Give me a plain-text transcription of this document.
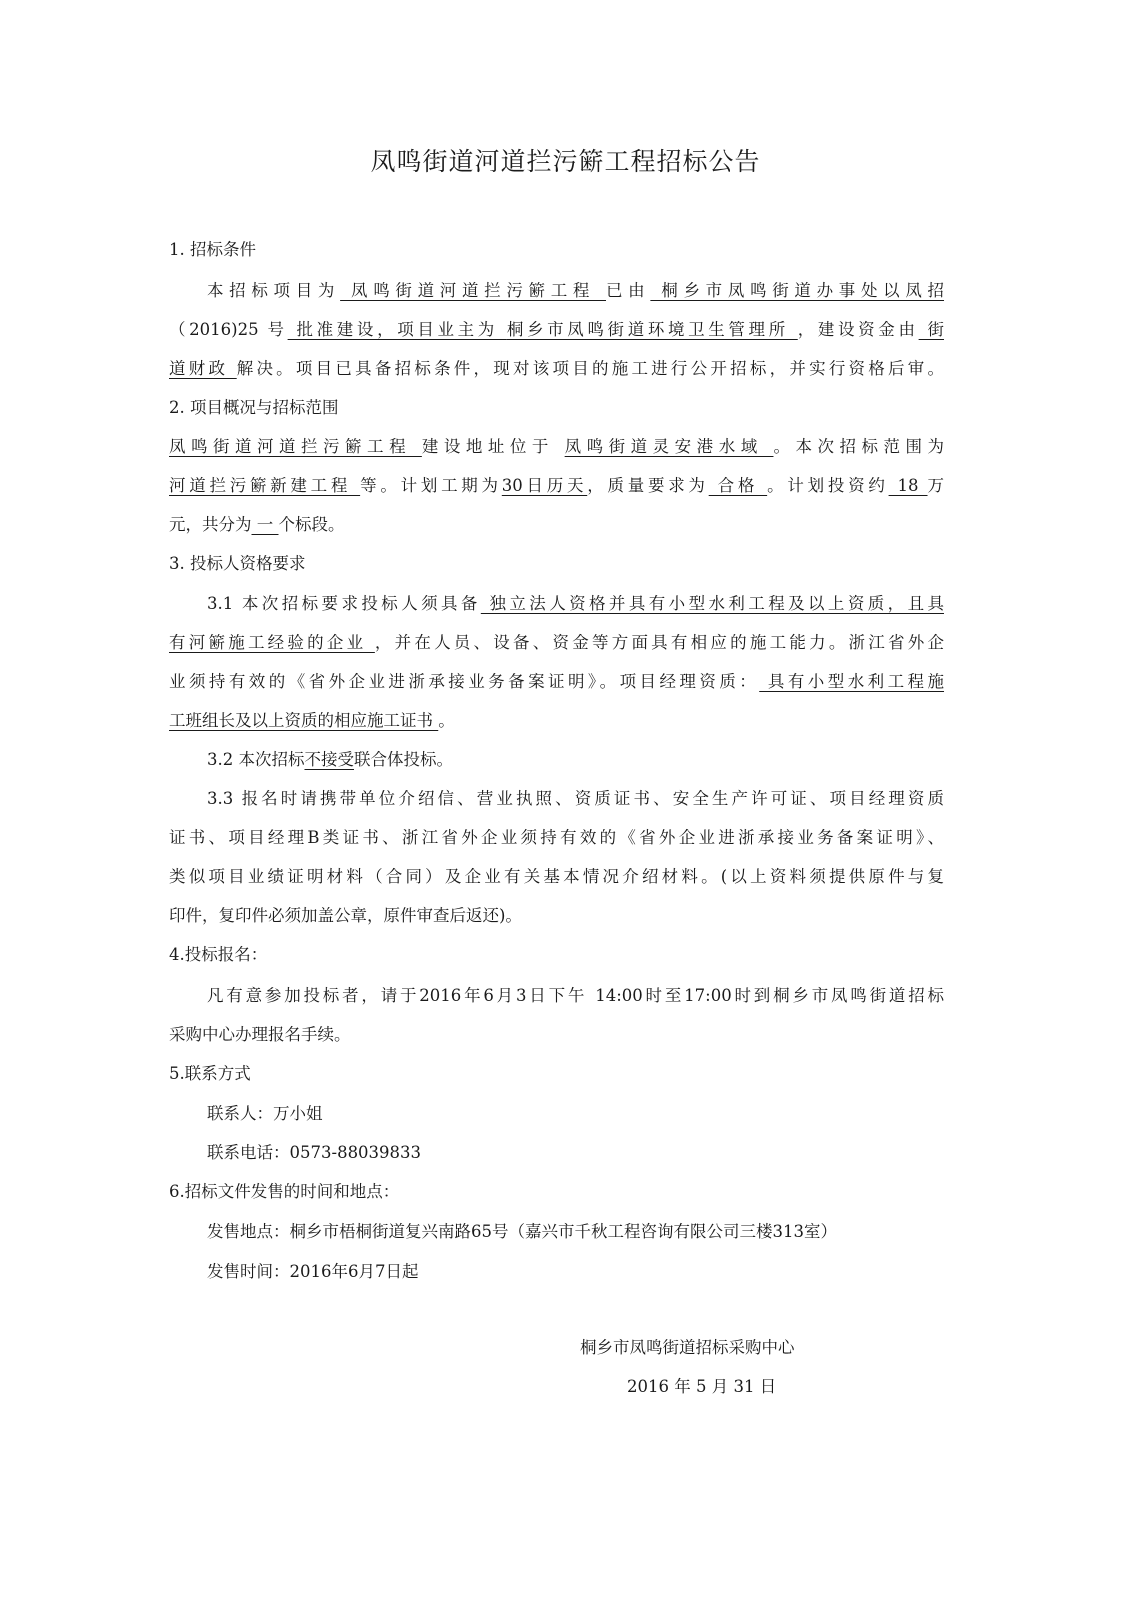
凤鸣街道河道拦污簖工程招标公告
1. 招标条件
本招标项目为 凤鸣街道河道拦污簖工程 已由 桐乡市凤鸣街道办事处以凤招
（2016)25 号 批准建设，项目业主为 桐乡市凤鸣街道环境卫生管理所 ，建设资金由 街
道财政 解决。项目已具备招标条件，现对该项目的施工进行公开招标，并实行资格后审。
2. 项目概况与招标范围
凤鸣街道河道拦污簖工程 建设地址位于 凤鸣街道灵安港水域 。本次招标范围为
河道拦污簖新建工程 等。计划工期为30日历天，质量要求为 合格 。计划投资约 18 万
元，共分为 一 个标段。
3. 投标人资格要求
3.1 本次招标要求投标人须具备 独立法人资格并具有小型水利工程及以上资质，且具
有河簖施工经验的企业 ，并在人员、设备、资金等方面具有相应的施工能力。浙江省外企
业须持有效的《省外企业进浙承接业务备案证明》。项目经理资质： 具有小型水利工程施
工班组长及以上资质的相应施工证书 。
3.2 本次招标不接受联合体投标。
3.3 报名时请携带单位介绍信、营业执照、资质证书、安全生产许可证、项目经理资质
证书、项目经理B类证书、浙江省外企业须持有效的《省外企业进浙承接业务备案证明》、
类似项目业绩证明材料（合同）及企业有关基本情况介绍材料。(以上资料须提供原件与复
印件，复印件必须加盖公章，原件审查后返还)。
4.投标报名：
凡有意参加投标者，请于2016年6月3日下午 14:00时至17:00时到桐乡市凤鸣街道招标
采购中心办理报名手续。
5.联系方式
联系人：万小姐
联系电话：0573-88039833
6.招标文件发售的时间和地点：
发售地点：桐乡市梧桐街道复兴南路65号（嘉兴市千秋工程咨询有限公司三楼313室）
发售时间：2016年6月7日起
桐乡市凤鸣街道招标采购中心
2016 年 5 月 31 日
